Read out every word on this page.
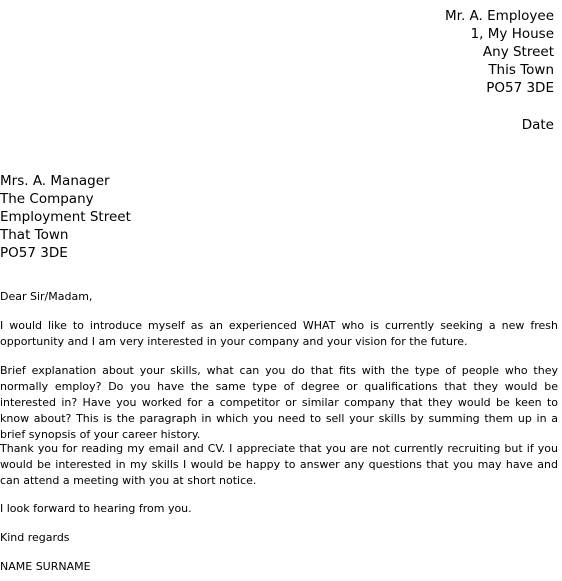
Mr. A. Employee
1, My House
Any Street
This Town
PO57 3DE
Date
Mrs. A. Manager
The Company
Employment Street
That Town
PO57 3DE
Dear Sir/Madam,
I would like to introduce myself as an experienced WHAT who is currently seeking a new fresh opportunity and I am very interested in your company and your vision for the future.
Brief explanation about your skills, what can you do that fits with the type of people who they normally employ? Do you have the same type of degree or qualifications that they would be interested in? Have you worked for a competitor or similar company that they would be keen to know about? This is the paragraph in which you need to sell your skills by summing them up in a brief synopsis of your career history.
Thank you for reading my email and CV. I appreciate that you are not currently recruiting but if you would be interested in my skills I would be happy to answer any questions that you may have and can attend a meeting with you at short notice.
I look forward to hearing from you.
Kind regards
NAME SURNAME
